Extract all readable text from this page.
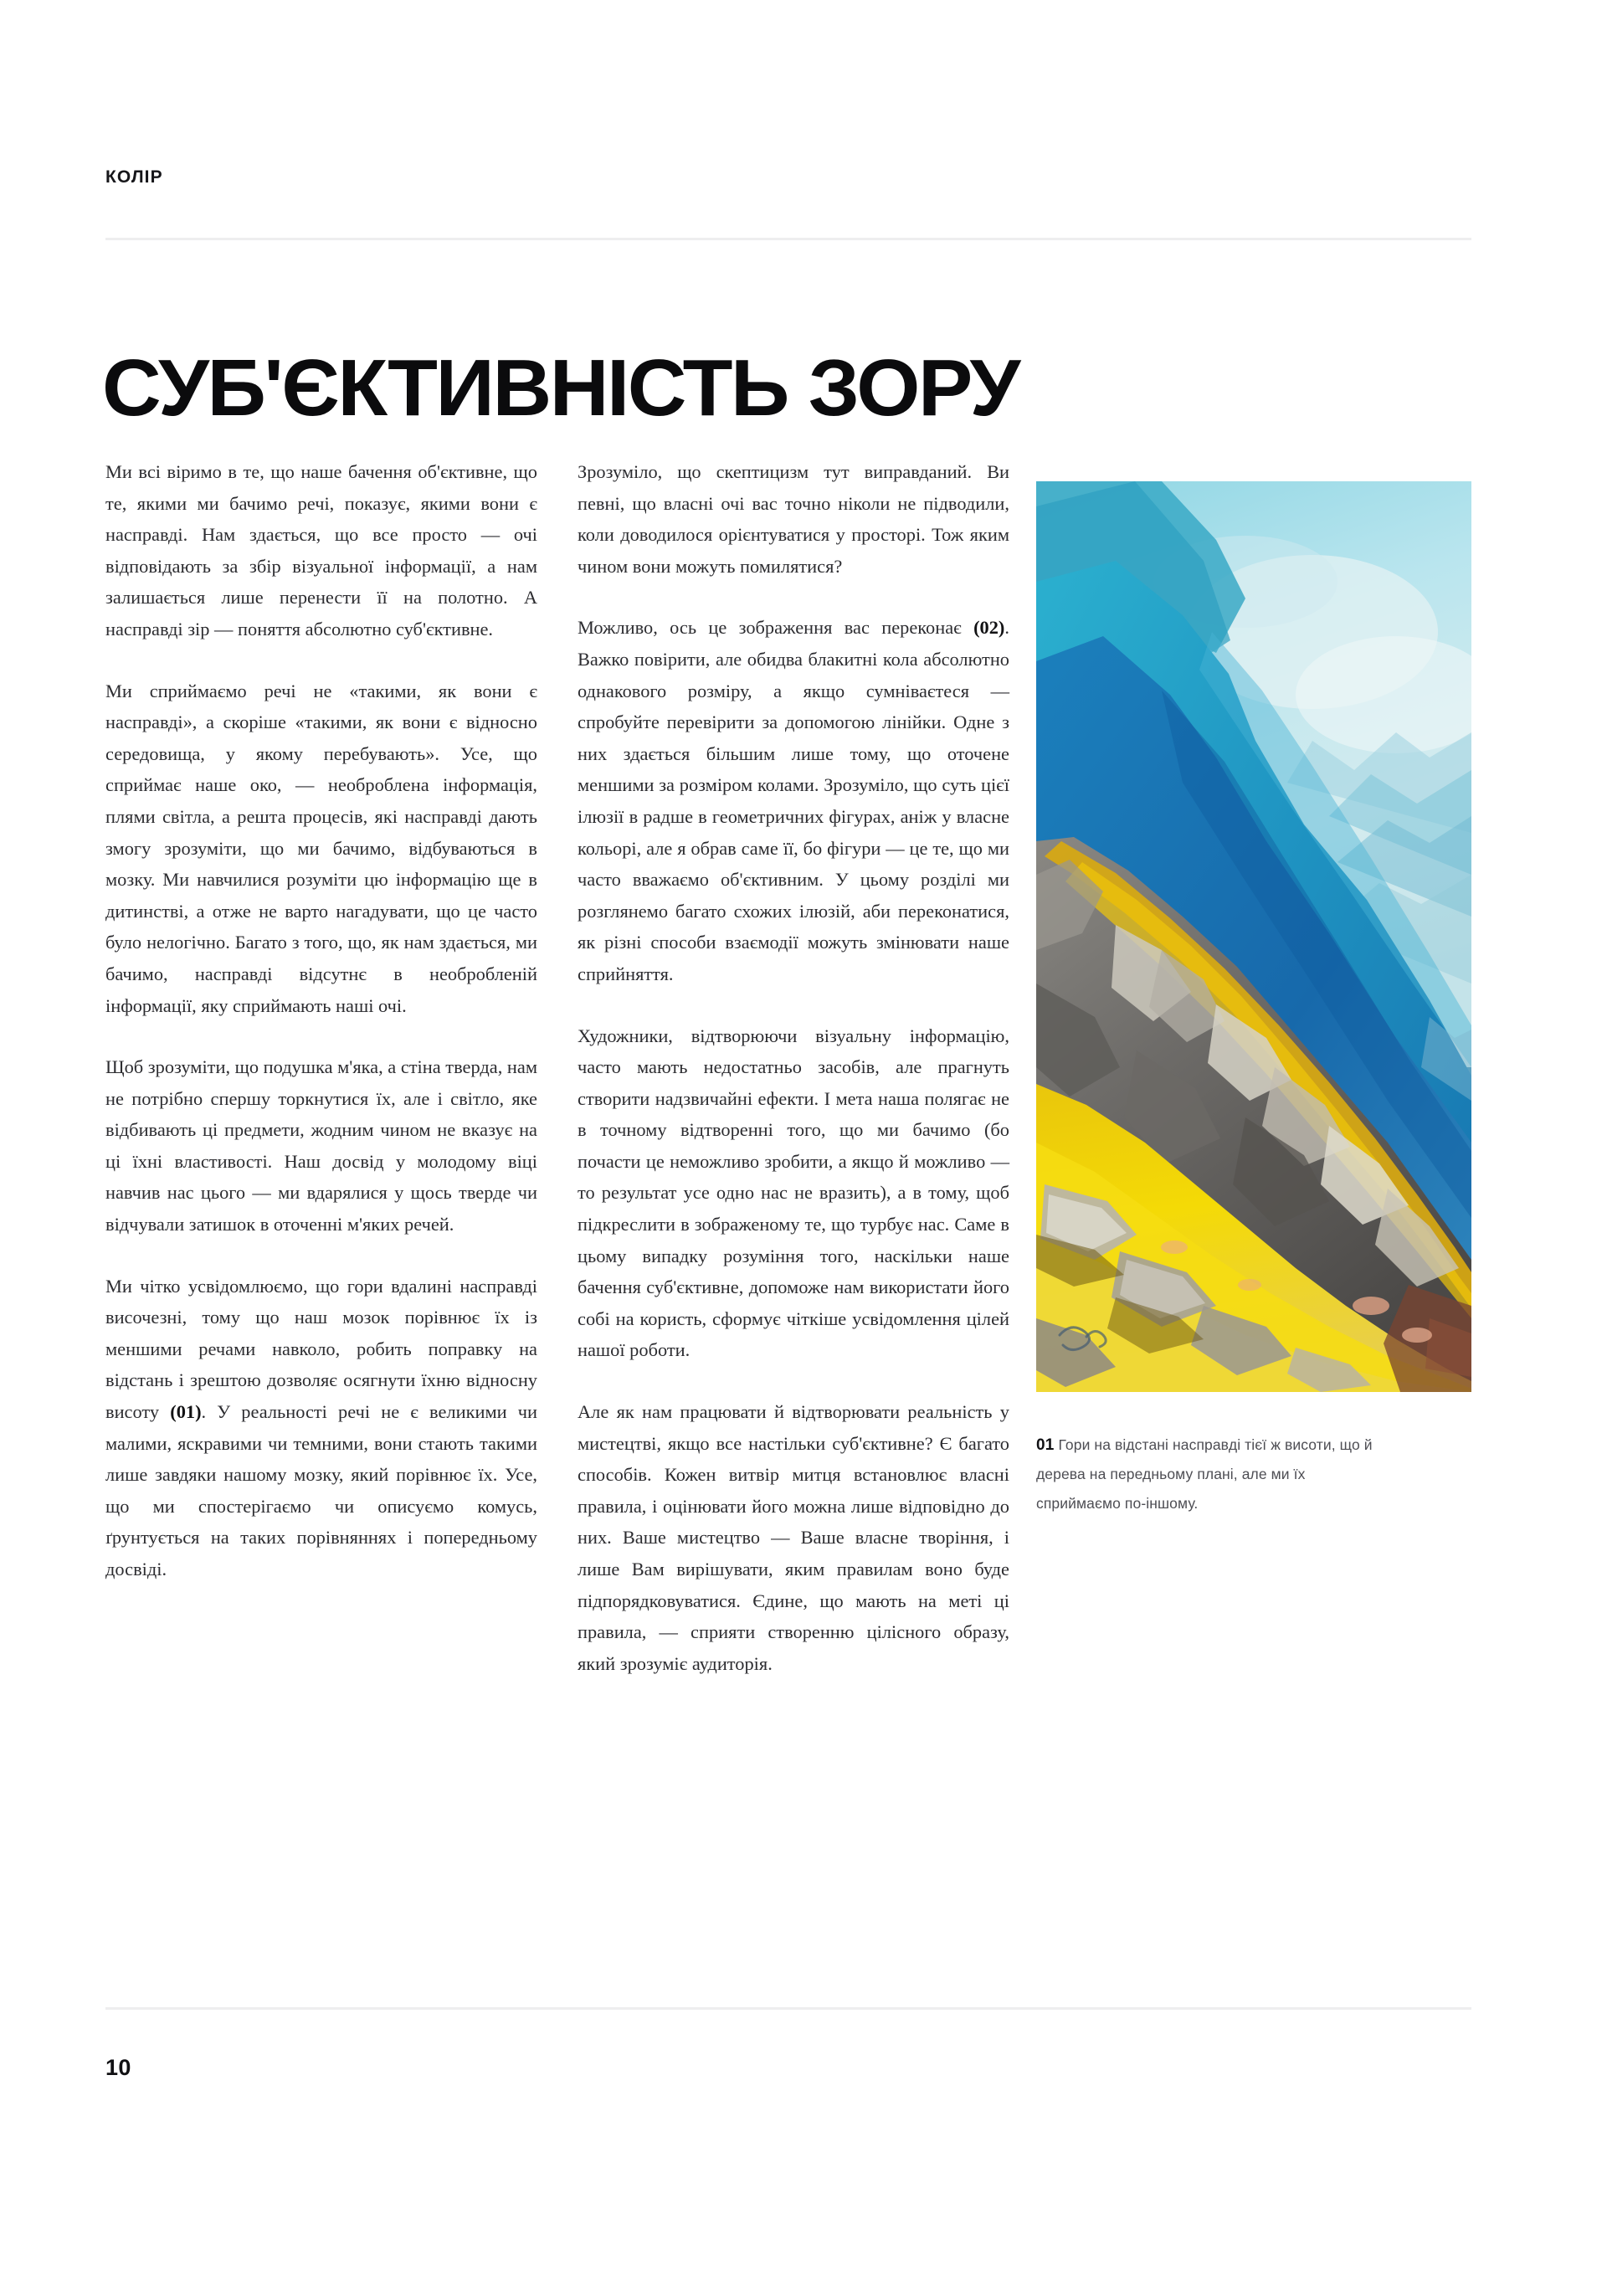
КОЛІР
СУБ'ЄКТИВНІСТЬ ЗОРУ

Ми всі віримо в те, що наше бачення об'єктивне, що те, якими ми бачимо речі, показує, якими вони є насправді. Нам здається, що все просто — очі відповідають за збір візуальної інформації, а нам залишається лише перенести її на полотно. А насправді зір — поняття абсолютно суб'єктивне.

Ми сприймаємо речі не «такими, як вони є насправді», а скоріше «такими, як вони є відносно середовища, у якому перебувають». Усе, що сприймає наше око, — необроблена інформація, плями світла, а решта процесів, які насправді дають змогу зрозуміти, що ми бачимо, відбуваються в мозку. Ми навчилися розуміти цю інформацію ще в дитинстві, а отже не варто нагадувати, що це часто було нелогічно. Багато з того, що, як нам здається, ми бачимо, насправді відсутнє в необробленій інформації, яку сприймають наші очі.

Щоб зрозуміти, що подушка м'яка, а стіна тверда, нам не потрібно спершу торкнутися їх, але і світло, яке відбивають ці предмети, жодним чином не вказує на ці їхні властивості. Наш досвід у молодому віці навчив нас цього — ми вдарялися у щось тверде чи відчували затишок в оточенні м'яких речей.

Ми чітко усвідомлюємо, що гори вдалині насправді височезні, тому що наш мозок порівнює їх із меншими речами навколо, робить поправку на відстань і зрештою дозволяє осягнути їхню відносну висоту (01). У реальності речі не є великими чи малими, яскравими чи темними, вони стають такими лише завдяки нашому мозку, який порівнює їх. Усе, що ми спостерігаємо чи описуємо комусь, ґрунтується на таких порівняннях і попередньому досвіді.

Зрозуміло, що скептицизм тут виправданий. Ви певні, що власні очі вас точно ніколи не підводили, коли доводилося орієнтуватися у просторі. Тож яким чином вони можуть помилятися?

Можливо, ось це зображення вас переконає (02). Важко повірити, але обидва блакитні кола абсолютно однакового розміру, а якщо сумніваєтеся — спробуйте перевірити за допомогою лінійки. Одне з них здається більшим лише тому, що оточене меншими за розміром колами. Зрозуміло, що суть цієї ілюзії в радше в геометричних фігурах, аніж у власне кольорі, але я обрав саме її, бо фігури — це те, що ми часто вважаємо об'єктивним. У цьому розділі ми розглянемо багато схожих ілюзій, аби переконатися, як різні способи взаємодії можуть змінювати наше сприйняття.

Художники, відтворюючи візуальну інформацію, часто мають недостатньо засобів, але прагнуть створити надзвичайні ефекти. І мета наша полягає не в точному відтворенні того, що ми бачимо (бо почасти це неможливо зробити, а якщо й можливо — то результат усе одно нас не вразить), а в тому, щоб підкреслити в зображеному те, що турбує нас. Саме в цьому випадку розуміння того, наскільки наше бачення суб'єктивне, допоможе нам використати його собі на користь, сформує чіткіше усвідомлення цілей нашої роботи.

Але як нам працювати й відтворювати реальність у мистецтві, якщо все настільки суб'єктивне? Є багато способів. Кожен витвір митця встановлює власні правила, і оцінювати його можна лише відповідно до них. Ваше мистецтво — Ваше власне творіння, і лише Вам вирішувати, яким правилам воно буде підпорядковуватися. Єдине, що мають на меті ці правила, — сприяти створенню цілісного образу, який зрозуміє аудиторія.

01 Гори на відстані насправді тієї ж висоти, що й дерева на передньому плані, але ми їх сприймаємо по-іншому.
10
